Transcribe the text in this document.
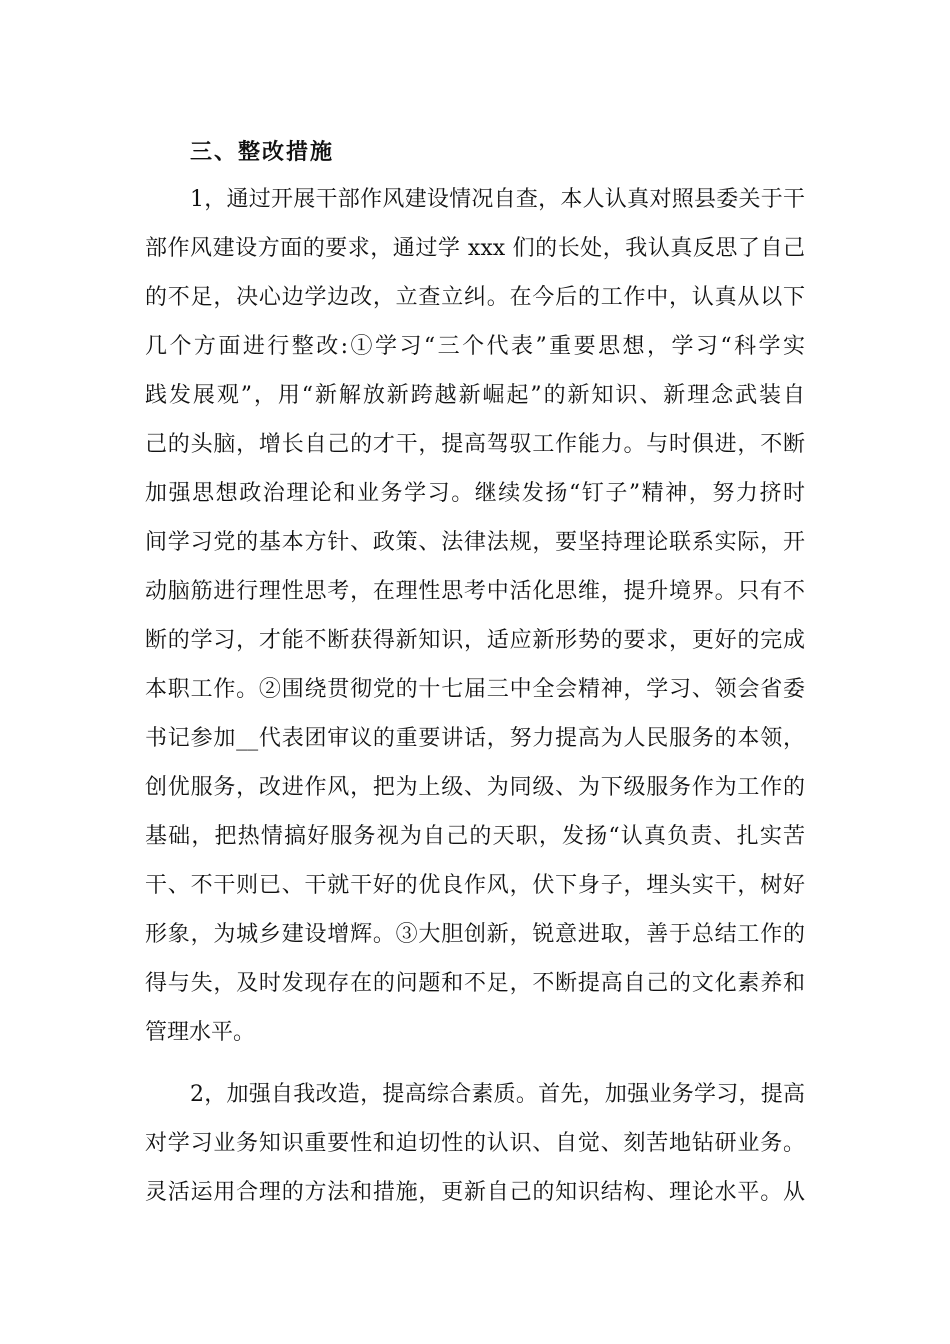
三、整改措施
1，通过开展干部作风建设情况自查，本人认真对照县委关于干
部作风建设方面的要求，通过学 xxx 们的长处，我认真反思了自己
的不足，决心边学边改，立查立纠。在今后的工作中，认真从以下
几个方面进行整改:①学习“三个代表”重要思想，学习“科学实
践发展观”，用“新解放新跨越新崛起”的新知识、新理念武装自
己的头脑，增长自己的才干，提高驾驭工作能力。与时俱进，不断
加强思想政治理论和业务学习。继续发扬“钉子”精神，努力挤时
间学习党的基本方针、政策、法律法规，要坚持理论联系实际，开
动脑筋进行理性思考，在理性思考中活化思维，提升境界。只有不
断的学习，才能不断获得新知识，适应新形势的要求，更好的完成
本职工作。②围绕贯彻党的十七届三中全会精神，学习、领会省委
书记参加__代表团审议的重要讲话，努力提高为人民服务的本领，
创优服务，改进作风，把为上级、为同级、为下级服务作为工作的
基础，把热情搞好服务视为自己的天职，发扬“认真负责、扎实苦
干、不干则已、干就干好的优良作风，伏下身子，埋头实干，树好
形象，为城乡建设增辉。③大胆创新，锐意进取，善于总结工作的
得与失，及时发现存在的问题和不足，不断提高自己的文化素养和
管理水平。
2，加强自我改造，提高综合素质。首先，加强业务学习，提高
对学习业务知识重要性和迫切性的认识、自觉、刻苦地钻研业务。
灵活运用合理的方法和措施，更新自己的知识结构、理论水平。从
